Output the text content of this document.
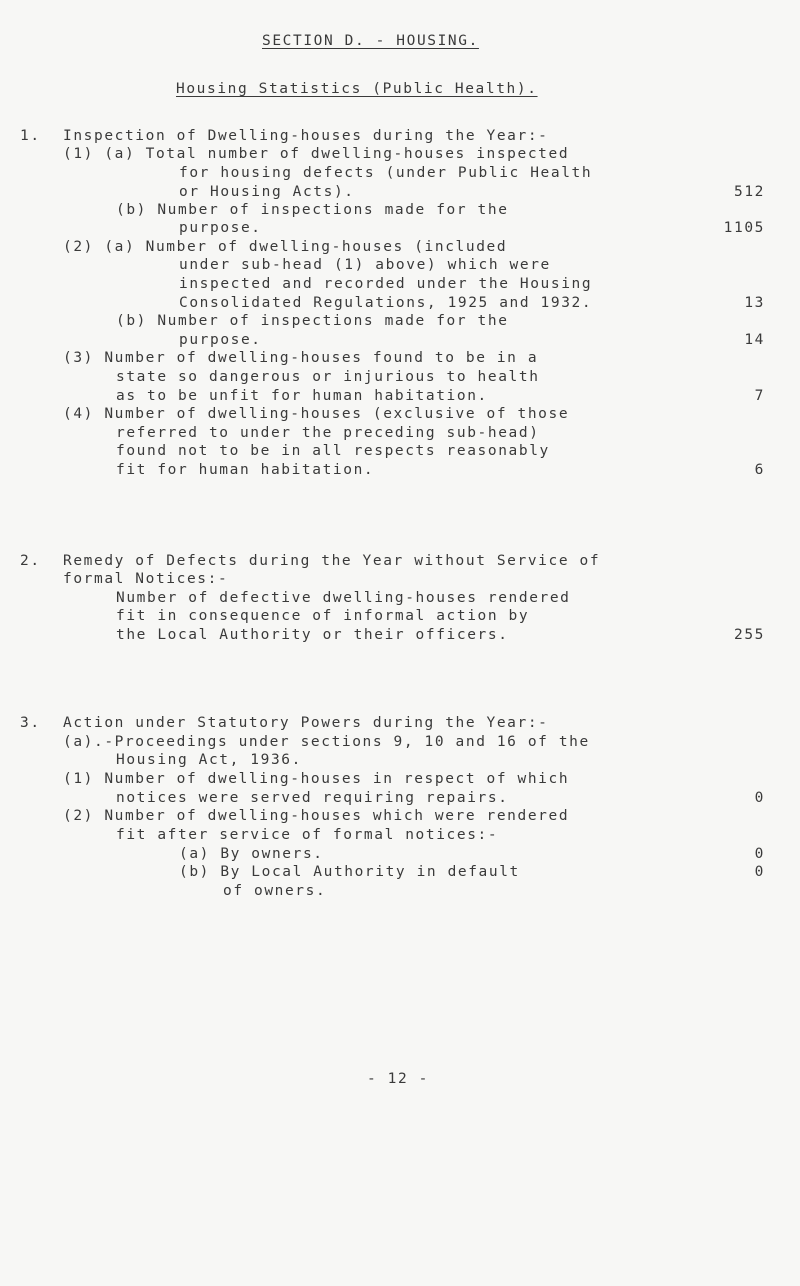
SECTION D. - HOUSING.
Housing Statistics (Public Health).
1. Inspection of Dwelling-houses during the Year:-
(1) (a) Total number of dwelling-houses inspected
for housing defects (under Public Health
or Housing Acts).	512
(b) Number of inspections made for the
purpose.	1105
(2) (a) Number of dwelling-houses (included
under sub-head (1) above) which were
inspected and recorded under the Housing
Consolidated Regulations, 1925 and 1932.	13
(b) Number of inspections made for the
purpose.	14
(3) Number of dwelling-houses found to be in a
state so dangerous or injurious to health
as to be unfit for human habitation.	7
(4) Number of dwelling-houses (exclusive of those
referred to under the preceding sub-head)
found not to be in all respects reasonably
fit for human habitation.	6
2. Remedy of Defects during the Year without Service of
formal Notices:-
Number of defective dwelling-houses rendered
fit in consequence of informal action by
the Local Authority or their officers.	255
3. Action under Statutory Powers during the Year:-
(a).-Proceedings under sections 9, 10 and 16 of the
Housing Act, 1936.
(1) Number of dwelling-houses in respect of which
notices were served requiring repairs.	0
(2) Number of dwelling-houses which were rendered
fit after service of formal notices:-
(a) By owners.	0
(b) By Local Authority in default	0
of owners.
- 12 -
